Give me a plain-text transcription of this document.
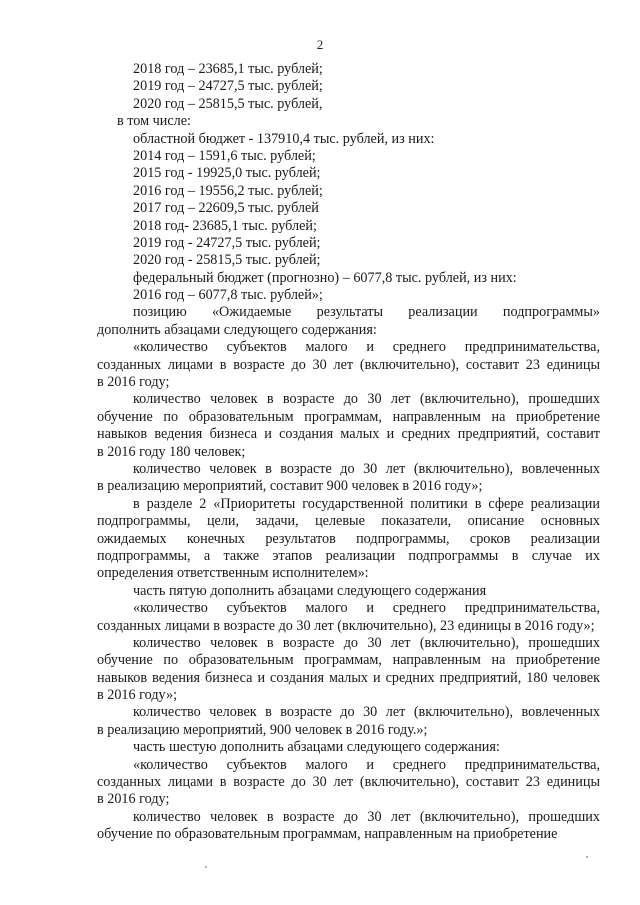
2
2018 год – 23685,1 тыс. рублей;
2019 год – 24727,5 тыс. рублей;
2020 год – 25815,5 тыс. рублей,
в том числе:
областной бюджет - 137910,4 тыс. рублей, из них:
2014 год – 1591,6 тыс. рублей;
2015 год - 19925,0 тыс. рублей;
2016 год – 19556,2 тыс. рублей;
2017 год – 22609,5 тыс. рублей
2018 год- 23685,1 тыс. рублей;
2019 год - 24727,5 тыс. рублей;
2020 год - 25815,5 тыс. рублей;
федеральный бюджет (прогнозно) – 6077,8 тыс. рублей, из них:
2016 год – 6077,8 тыс. рублей»;
позицию «Ожидаемые результаты реализации подпрограммы»
дополнить абзацами следующего содержания:
«количество субъектов малого и среднего предпринимательства,
созданных лицами в возрасте до 30 лет (включительно), составит 23 единицы
в 2016 году;
количество человек в возрасте до 30 лет (включительно), прошедших
обучение по образовательным программам, направленным на приобретение
навыков ведения бизнеса и создания малых и средних предприятий, составит
в 2016 году 180 человек;
количество человек в возрасте до 30 лет (включительно), вовлеченных
в реализацию мероприятий, составит 900 человек в 2016 году»;
в разделе 2 «Приоритеты государственной политики в сфере реализации
подпрограммы, цели, задачи, целевые показатели, описание основных
ожидаемых конечных результатов подпрограммы, сроков реализации
подпрограммы, а также этапов реализации подпрограммы в случае их
определения ответственным исполнителем»:
часть пятую дополнить абзацами следующего содержания
«количество субъектов малого и среднего предпринимательства,
созданных лицами в возрасте до 30 лет (включительно), 23 единицы в 2016 году»;
количество человек в возрасте до 30 лет (включительно), прошедших
обучение по образовательным программам, направленным на приобретение
навыков ведения бизнеса и создания малых и средних предприятий, 180 человек
в 2016 году»;
количество человек в возрасте до 30 лет (включительно), вовлеченных
в реализацию мероприятий, 900 человек в 2016 году.»;
часть шестую дополнить абзацами следующего содержания:
«количество субъектов малого и среднего предпринимательства,
созданных лицами в возрасте до 30 лет (включительно), составит 23 единицы
в 2016 году;
количество человек в возрасте до 30 лет (включительно), прошедших
обучение по образовательным программам, направленным на приобретение
